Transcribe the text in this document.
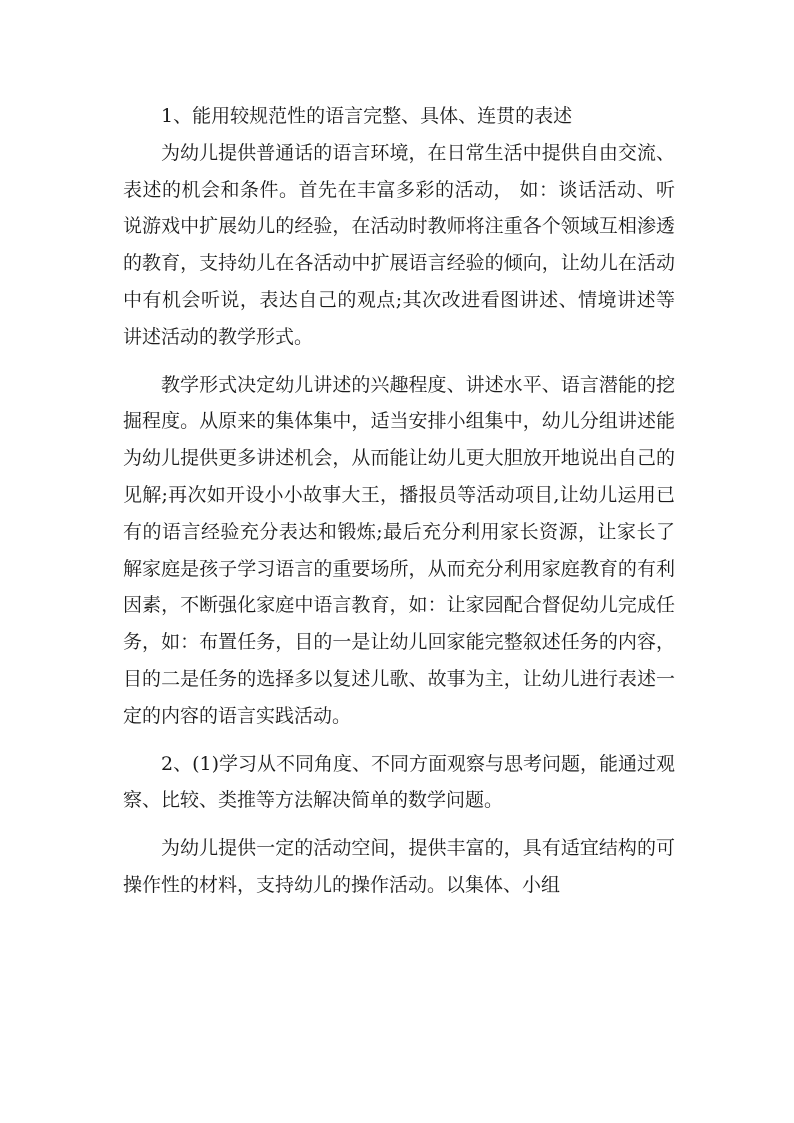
1、能用较规范性的语言完整、具体、连贯的表述

为幼儿提供普通话的语言环境，在日常生活中提供自由交流、表述的机会和条件。首先在丰富多彩的活动， 如：谈话活动、听说游戏中扩展幼儿的经验，在活动时教师将注重各个领域互相渗透的教育，支持幼儿在各活动中扩展语言经验的倾向，让幼儿在活动中有机会听说，表达自己的观点;其次改进看图讲述、情境讲述等讲述活动的教学形式。

教学形式决定幼儿讲述的兴趣程度、讲述水平、语言潜能的挖掘程度。从原来的集体集中，适当安排小组集中，幼儿分组讲述能为幼儿提供更多讲述机会，从而能让幼儿更大胆放开地说出自己的见解;再次如开设小小故事大王，播报员等活动项目,让幼儿运用已有的语言经验充分表达和锻炼;最后充分利用家长资源，让家长了解家庭是孩子学习语言的重要场所，从而充分利用家庭教育的有利因素，不断强化家庭中语言教育，如：让家园配合督促幼儿完成任务，如：布置任务，目的一是让幼儿回家能完整叙述任务的内容，目的二是任务的选择多以复述儿歌、故事为主，让幼儿进行表述一定的内容的语言实践活动。

2、(1)学习从不同角度、不同方面观察与思考问题，能通过观察、比较、类推等方法解决简单的数学问题。

为幼儿提供一定的活动空间，提供丰富的，具有适宜结构的可操作性的材料，支持幼儿的操作活动。以集体、小组
